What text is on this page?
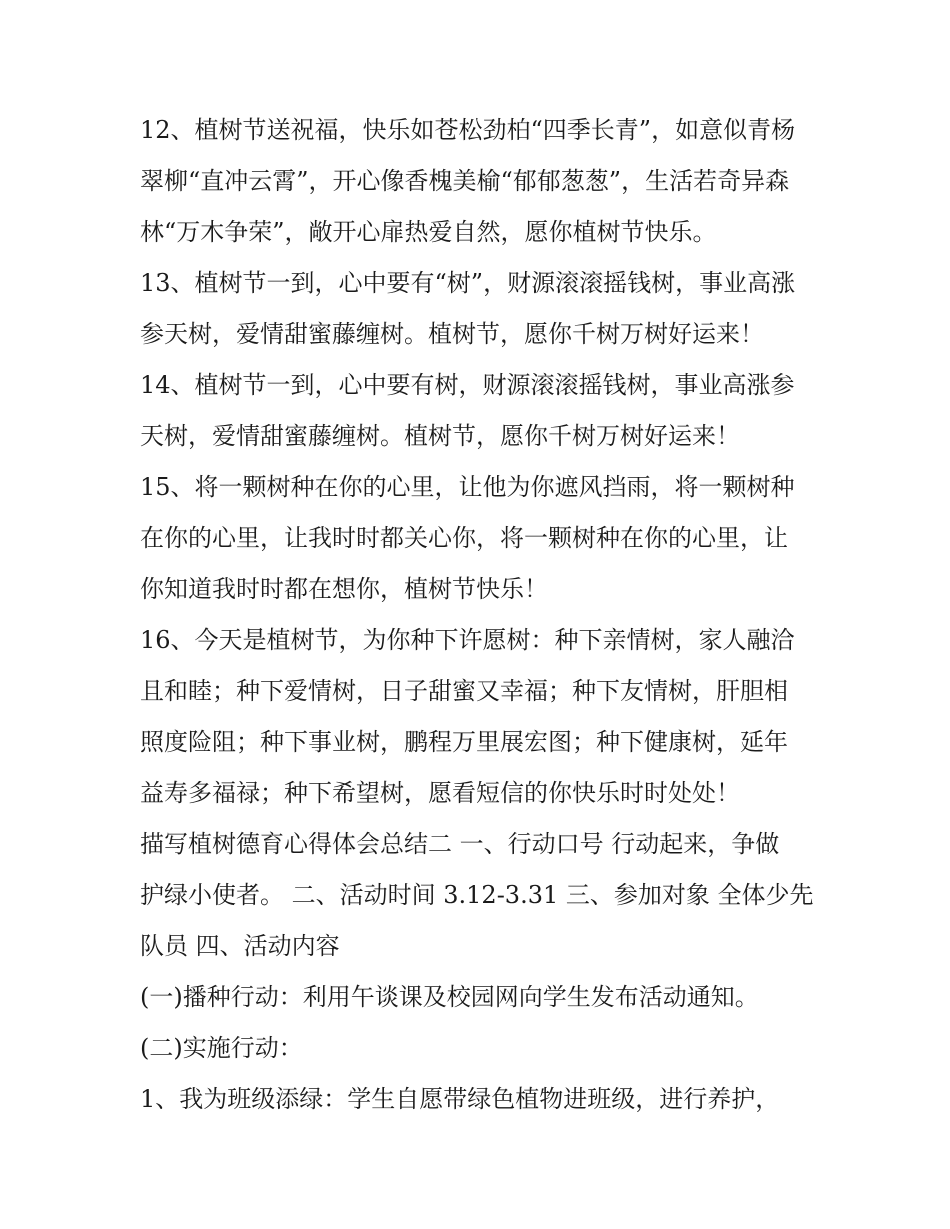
12、植树节送祝福，快乐如苍松劲柏“四季长青”，如意似青杨
翠柳“直冲云霄”，开心像香槐美榆“郁郁葱葱”，生活若奇异森
林“万木争荣”，敞开心扉热爱自然，愿你植树节快乐。
13、植树节一到，心中要有“树”，财源滚滚摇钱树，事业高涨
参天树，爱情甜蜜藤缠树。植树节，愿你千树万树好运来！
14、植树节一到，心中要有树，财源滚滚摇钱树，事业高涨参
天树，爱情甜蜜藤缠树。植树节，愿你千树万树好运来！
15、将一颗树种在你的心里，让他为你遮风挡雨，将一颗树种
在你的心里，让我时时都关心你，将一颗树种在你的心里，让
你知道我时时都在想你，植树节快乐！
16、今天是植树节，为你种下许愿树：种下亲情树，家人融洽
且和睦；种下爱情树，日子甜蜜又幸福；种下友情树，肝胆相
照度险阻；种下事业树，鹏程万里展宏图；种下健康树，延年
益寿多福禄；种下希望树，愿看短信的你快乐时时处处！
描写植树德育心得体会总结二 一、行动口号 行动起来，争做
护绿小使者。 二、活动时间 3.12-3.31 三、参加对象 全体少先
队员 四、活动内容
(一)播种行动：利用午谈课及校园网向学生发布活动通知。
(二)实施行动：
1、我为班级添绿：学生自愿带绿色植物进班级，进行养护，
